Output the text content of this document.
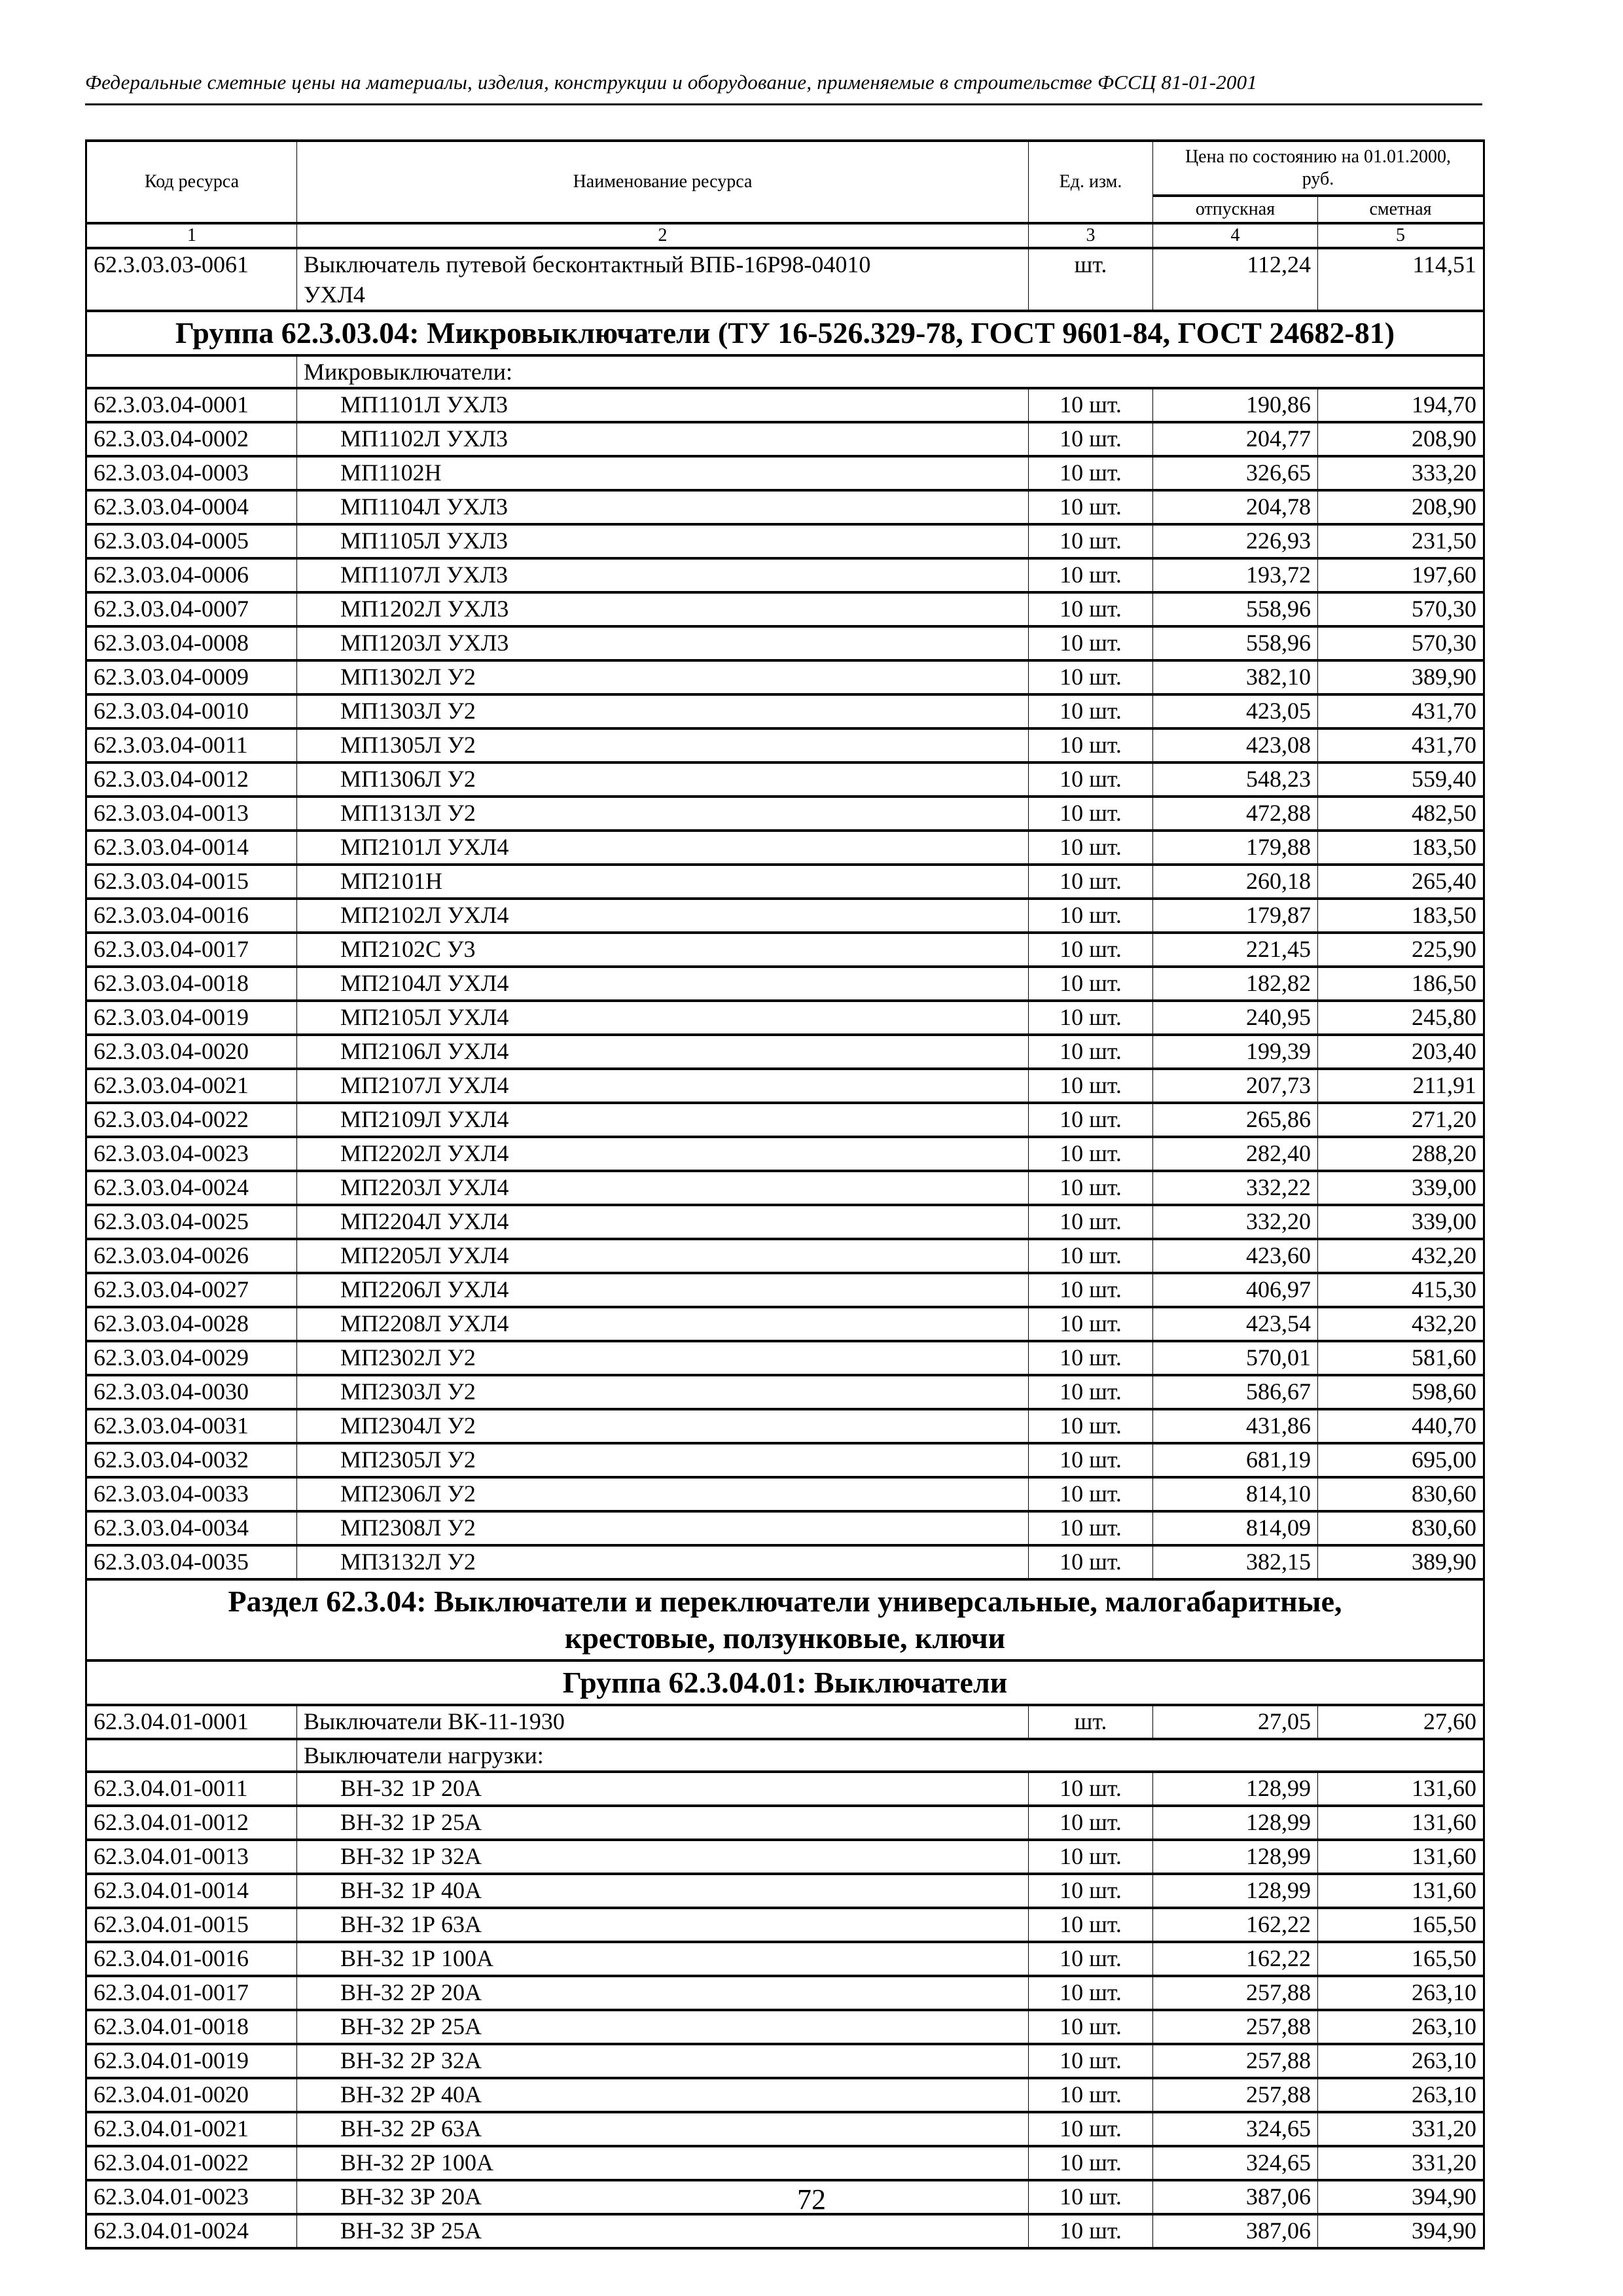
Федеральные сметные цены на материалы, изделия, конструкции и оборудование, применяемые в строительстве ФССЦ 81-01-2001
Код ресурса	Наименование ресурса	Ед. изм.	Цена по состоянию на 01.01.2000, руб.	
			отпускная	сметная
1	2	3	4	5
62.3.03.03-0061	Выключатель путевой бесконтактный ВПБ-16Р98-04010 УХЛ4	шт.	112,24	114,51
Группа 62.3.03.04: Микровыключатели (ТУ 16-526.329-78, ГОСТ 9601-84, ГОСТ 24682-81)				
	Микровыключатели:			
62.3.03.04-0001	МП1101Л УХЛ3	10 шт.	190,86	194,70
62.3.03.04-0002	МП1102Л УХЛ3	10 шт.	204,77	208,90
62.3.03.04-0003	МП1102Н	10 шт.	326,65	333,20
62.3.03.04-0004	МП1104Л УХЛ3	10 шт.	204,78	208,90
62.3.03.04-0005	МП1105Л УХЛ3	10 шт.	226,93	231,50
62.3.03.04-0006	МП1107Л УХЛ3	10 шт.	193,72	197,60
62.3.03.04-0007	МП1202Л УХЛ3	10 шт.	558,96	570,30
62.3.03.04-0008	МП1203Л УХЛ3	10 шт.	558,96	570,30
62.3.03.04-0009	МП1302Л У2	10 шт.	382,10	389,90
62.3.03.04-0010	МП1303Л У2	10 шт.	423,05	431,70
62.3.03.04-0011	МП1305Л У2	10 шт.	423,08	431,70
62.3.03.04-0012	МП1306Л У2	10 шт.	548,23	559,40
62.3.03.04-0013	МП1313Л У2	10 шт.	472,88	482,50
62.3.03.04-0014	МП2101Л УХЛ4	10 шт.	179,88	183,50
62.3.03.04-0015	МП2101Н	10 шт.	260,18	265,40
62.3.03.04-0016	МП2102Л УХЛ4	10 шт.	179,87	183,50
62.3.03.04-0017	МП2102С У3	10 шт.	221,45	225,90
62.3.03.04-0018	МП2104Л УХЛ4	10 шт.	182,82	186,50
62.3.03.04-0019	МП2105Л УХЛ4	10 шт.	240,95	245,80
62.3.03.04-0020	МП2106Л УХЛ4	10 шт.	199,39	203,40
62.3.03.04-0021	МП2107Л УХЛ4	10 шт.	207,73	211,91
62.3.03.04-0022	МП2109Л УХЛ4	10 шт.	265,86	271,20
62.3.03.04-0023	МП2202Л УХЛ4	10 шт.	282,40	288,20
62.3.03.04-0024	МП2203Л УХЛ4	10 шт.	332,22	339,00
62.3.03.04-0025	МП2204Л УХЛ4	10 шт.	332,20	339,00
62.3.03.04-0026	МП2205Л УХЛ4	10 шт.	423,60	432,20
62.3.03.04-0027	МП2206Л УХЛ4	10 шт.	406,97	415,30
62.3.03.04-0028	МП2208Л УХЛ4	10 шт.	423,54	432,20
62.3.03.04-0029	МП2302Л У2	10 шт.	570,01	581,60
62.3.03.04-0030	МП2303Л У2	10 шт.	586,67	598,60
62.3.03.04-0031	МП2304Л У2	10 шт.	431,86	440,70
62.3.03.04-0032	МП2305Л У2	10 шт.	681,19	695,00
62.3.03.04-0033	МП2306Л У2	10 шт.	814,10	830,60
62.3.03.04-0034	МП2308Л У2	10 шт.	814,09	830,60
62.3.03.04-0035	МП3132Л У2	10 шт.	382,15	389,90
Раздел 62.3.04: Выключатели и переключатели универсальные, малогабаритные, крестовые, ползунковые, ключи				
Группа 62.3.04.01: Выключатели				
62.3.04.01-0001	Выключатели ВК-11-1930	шт.	27,05	27,60
	Выключатели нагрузки:			
62.3.04.01-0011	ВН-32 1Р 20А	10 шт.	128,99	131,60
62.3.04.01-0012	ВН-32 1Р 25А	10 шт.	128,99	131,60
62.3.04.01-0013	ВН-32 1Р 32А	10 шт.	128,99	131,60
62.3.04.01-0014	ВН-32 1Р 40А	10 шт.	128,99	131,60
62.3.04.01-0015	ВН-32 1Р 63А	10 шт.	162,22	165,50
62.3.04.01-0016	ВН-32 1Р 100А	10 шт.	162,22	165,50
62.3.04.01-0017	ВН-32 2Р 20А	10 шт.	257,88	263,10
62.3.04.01-0018	ВН-32 2Р 25А	10 шт.	257,88	263,10
62.3.04.01-0019	ВН-32 2Р 32А	10 шт.	257,88	263,10
62.3.04.01-0020	ВН-32 2Р 40А	10 шт.	257,88	263,10
62.3.04.01-0021	ВН-32 2Р 63А	10 шт.	324,65	331,20
62.3.04.01-0022	ВН-32 2Р 100А	10 шт.	324,65	331,20
62.3.04.01-0023	ВН-32 3Р 20А	10 шт.	387,06	394,90
62.3.04.01-0024	ВН-32 3Р 25А	10 шт.	387,06	394,90
72
